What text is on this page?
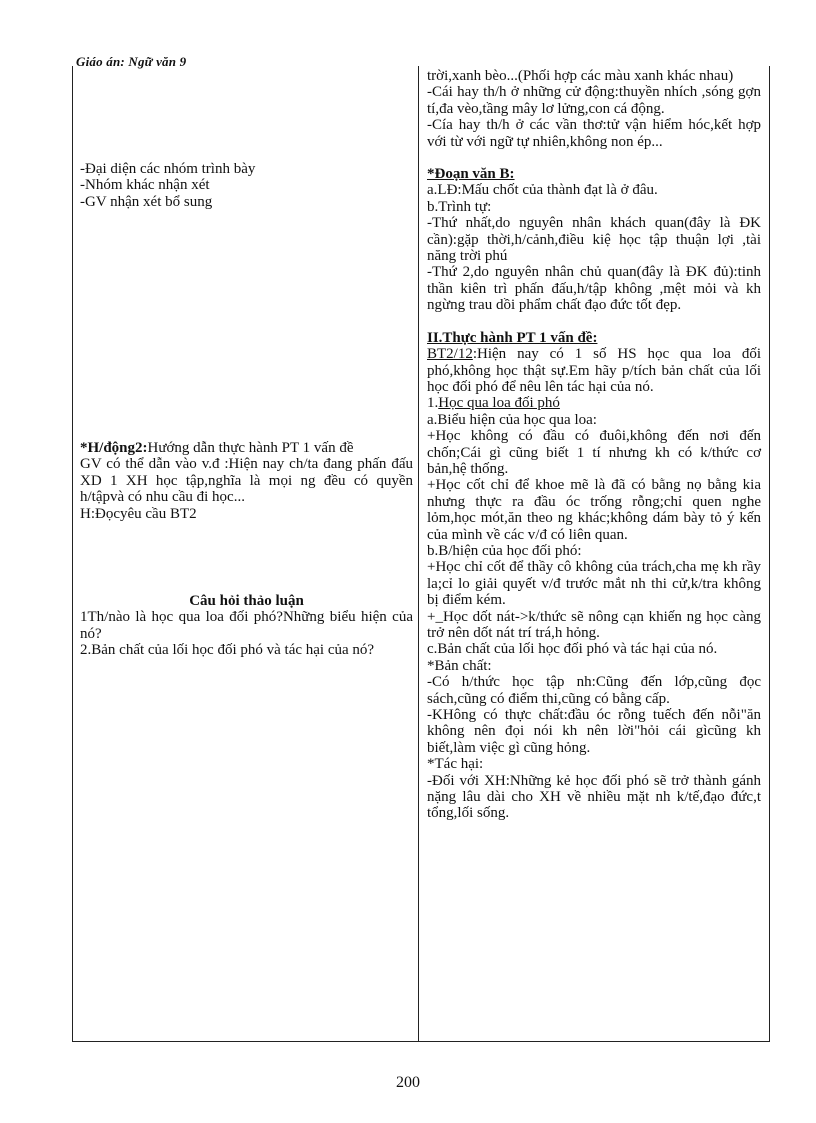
Giáo án: Ngữ văn 9

-Đại diện các nhóm trình bày

-Nhóm khác nhận xét

-GV nhận xét bổ sung

*H/động2:Hướng dẫn thực hành PT 1 vấn đề

GV có thể dẫn vào v.đ :Hiện nay ch/ta đang phấn đấu XD 1 XH học tập,nghĩa là mọi ng đều có quyền h/tậpvà có nhu cầu đi học...

H:Đọcyêu cầu BT2

Câu hỏi thảo luận

1Th/nào là học qua loa đối phó?Những biểu hiện của nó?

2.Bản chất của lối học đối phó và tác hại của nó?

trời,xanh bèo...(Phối hợp các màu xanh khác nhau)

-Cái hay th/h ở những cử động:thuyền nhích ,sóng gợn tí,đa vèo,tầng mây lơ lửng,con cá động.

-Cía hay th/h ở các vần thơ:tử vận hiểm hóc,kết hợp với từ với ngữ tự nhiên,không non ép...

*Đoạn văn B:

a.LĐ:Mấu chốt của thành đạt là ở đâu.

b.Trình tự:

-Thứ nhất,do nguyên nhân khách quan(đây là ĐK cần):gặp thời,h/cảnh,điều kiệ học tập thuận lợi ,tài năng trời phú

-Thứ 2,do nguyên nhân chủ quan(đây là ĐK đủ):tinh thần kiên trì phấn đấu,h/tập không ,mệt mỏi và kh ngừng trau dồi phẩm chất đạo đức tốt đẹp.

II.Thực hành PT 1 vấn đề:

BT2/12:Hiện nay có 1 số HS học qua loa đối phó,không học thật sự.Em hãy p/tích bản chất của lối học đối phó để nêu lên tác hại của nó.

1.Học qua loa đối phó

a.Biểu hiện của học qua loa:

+Học không có đầu có đuôi,không đến nơi đến chốn;Cái gì cũng biết 1 tí nhưng kh có k/thức cơ bản,hệ thống.

+Học cốt chỉ để khoe mẽ là đã có bằng nọ bằng kia nhưng thực ra đầu óc trống rỗng;chỉ quen nghe lỏm,học mót,ăn theo ng khác;không dám bày tỏ ý kến của mình về các v/đ có liên quan.

b.B/hiện của học đối phó:

+Học chỉ cốt để thầy cô không của trách,cha mẹ kh rầy la;cỉ lo giải quyết v/đ trước mắt nh thi cử,k/tra không bị điểm kém.

+_Học dốt nát->k/thức sẽ nông cạn khiến ng học càng trở nên dốt nát trí trá,h hỏng.

c.Bản chất của lối học đối phó và tác hại của nó.

*Bản chất:

-Có h/thức học tập nh:Cũng đến lớp,cũng đọc sách,cũng có điểm thi,cũng có bằng cấp.

-KHông có thực chất:đầu óc rỗng tuếch đến nỗi"ăn không nên đọi nói kh nên lời"hỏi cái gìcũng kh biết,làm việc gì cũng hỏng.

*Tác hại:

-Đối với XH:Những kẻ học đối phó sẽ trở thành gánh nặng lâu dài cho XH về nhiều mặt nh k/tế,đạo đức,t tổng,lối sống.

200
